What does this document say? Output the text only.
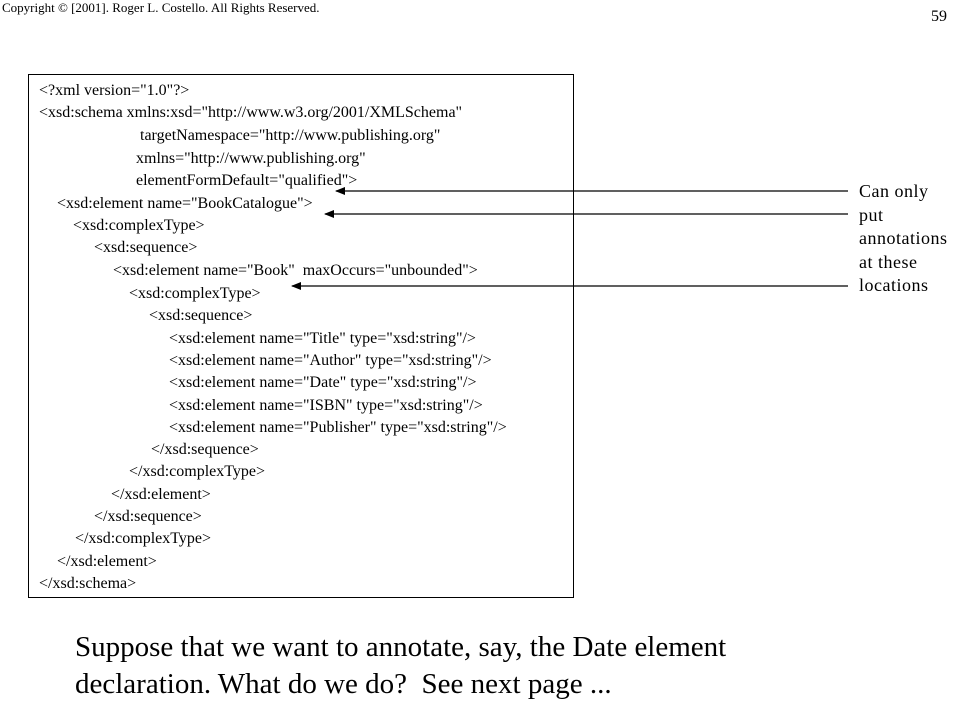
Copyright © [2001]. Roger L. Costello. All Rights Reserved.
59
<?xml version="1.0"?>
<xsd:schema xmlns:xsd="http://www.w3.org/2001/XMLSchema"
targetNamespace="http://www.publishing.org"
xmlns="http://www.publishing.org"
elementFormDefault="qualified">
<xsd:element name="BookCatalogue">
<xsd:complexType>
<xsd:sequence>
<xsd:element name="Book"  maxOccurs="unbounded">
<xsd:complexType>
<xsd:sequence>
<xsd:element name="Title" type="xsd:string"/>
<xsd:element name="Author" type="xsd:string"/>
<xsd:element name="Date" type="xsd:string"/>
<xsd:element name="ISBN" type="xsd:string"/>
<xsd:element name="Publisher" type="xsd:string"/>
</xsd:sequence>
</xsd:complexType>
</xsd:element>
</xsd:sequence>
</xsd:complexType>
</xsd:element>
</xsd:schema>
Can only
put
annotations
at these
locations
Suppose that we want to annotate, say, the Date element
declaration. What do we do?  See next page ...
